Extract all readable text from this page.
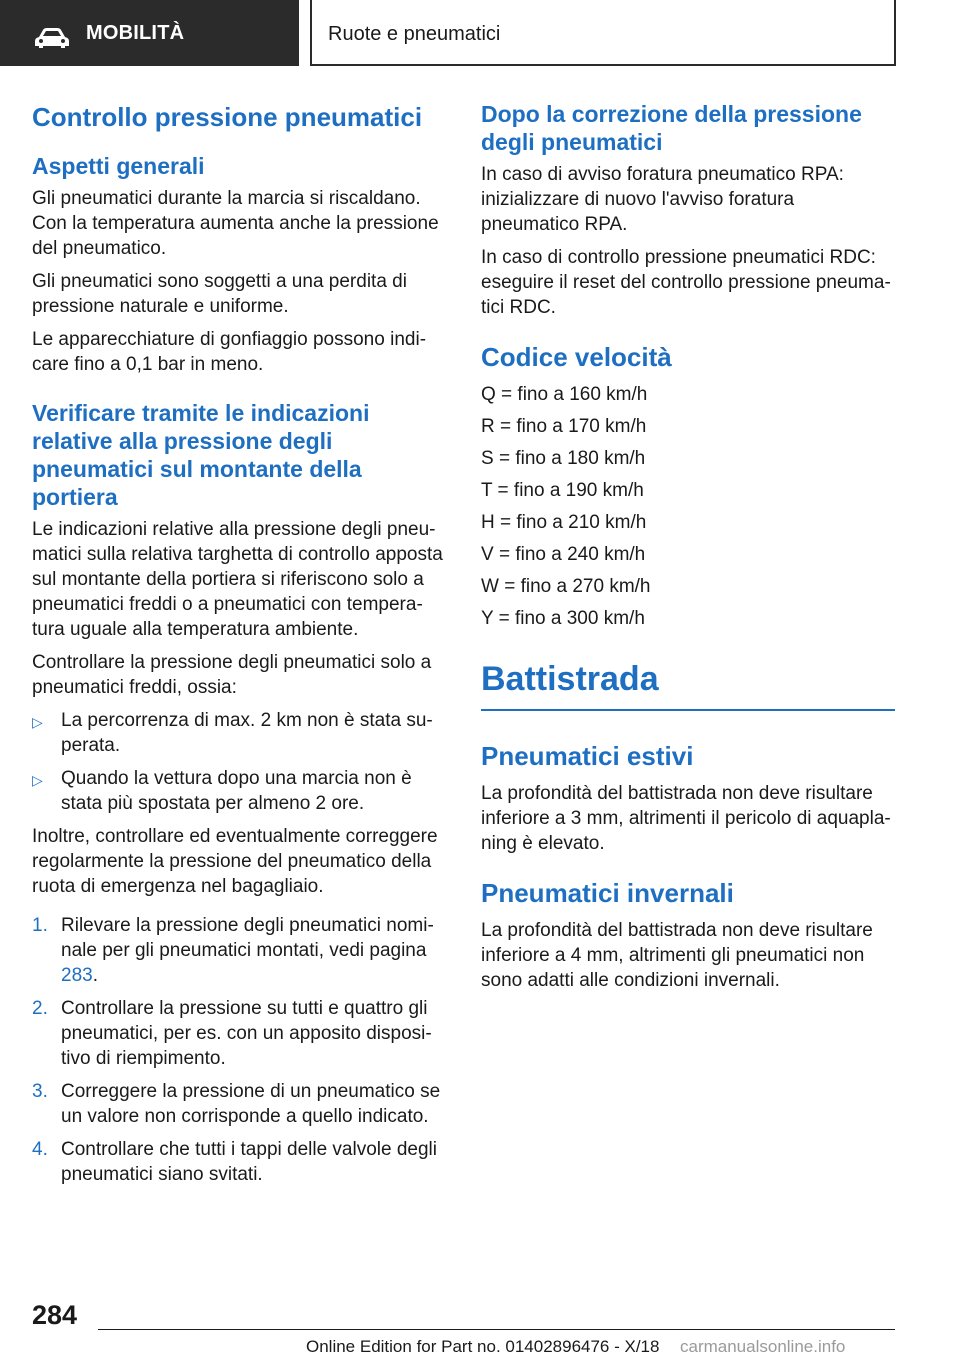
MOBILITÀ	Ruote e pneumatici
Controllo pressione pneumatici
Aspetti generali

Gli pneumatici durante la marcia si riscaldano. Con la temperatura aumenta anche la pressione del pneumatico.

Gli pneumatici sono soggetti a una perdita di pressione naturale e uniforme.

Le apparecchiature di gonfiaggio possono indicare fino a 0,1 bar in meno.

Verificare tramite le indicazioni relative alla pressione degli pneumatici sul montante della portiera

Le indicazioni relative alla pressione degli pneumatici sulla relativa targhetta di controllo apposta sul montante della portiera si riferiscono solo a pneumatici freddi o a pneumatici con temperatura uguale alla temperatura ambiente.

Controllare la pressione degli pneumatici solo a pneumatici freddi, ossia:

▷ La percorrenza di max. 2 km non è stata superata.
▷ Quando la vettura dopo una marcia non è stata più spostata per almeno 2 ore.

Inoltre, controllare ed eventualmente correggere regolarmente la pressione del pneumatico della ruota di emergenza nel bagagliaio.

1. Rilevare la pressione degli pneumatici nominale per gli pneumatici montati, vedi pagina 283.
2. Controllare la pressione su tutti e quattro gli pneumatici, per es. con un apposito dispositivo di riempimento.
3. Correggere la pressione di un pneumatico se un valore non corrisponde a quello indicato.
4. Controllare che tutti i tappi delle valvole degli pneumatici siano svitati.
Dopo la correzione della pressione degli pneumatici

In caso di avviso foratura pneumatico RPA: inizializzare di nuovo l'avviso foratura pneumatico RPA.

In caso di controllo pressione pneumatici RDC: eseguire il reset del controllo pressione pneumatici RDC.

Codice velocità
Q = fino a 160 km/h
R = fino a 170 km/h
S = fino a 180 km/h
T = fino a 190 km/h
H = fino a 210 km/h
V = fino a 240 km/h
W = fino a 270 km/h
Y = fino a 300 km/h
Battistrada
Pneumatici estivi

La profondità del battistrada non deve risultare inferiore a 3 mm, altrimenti il pericolo di aquaplaning è elevato.

Pneumatici invernali

La profondità del battistrada non deve risultare inferiore a 4 mm, altrimenti gli pneumatici non sono adatti alle condizioni invernali.

284
Online Edition for Part no. 01402896476 - X/18 carmanualsonline.info
